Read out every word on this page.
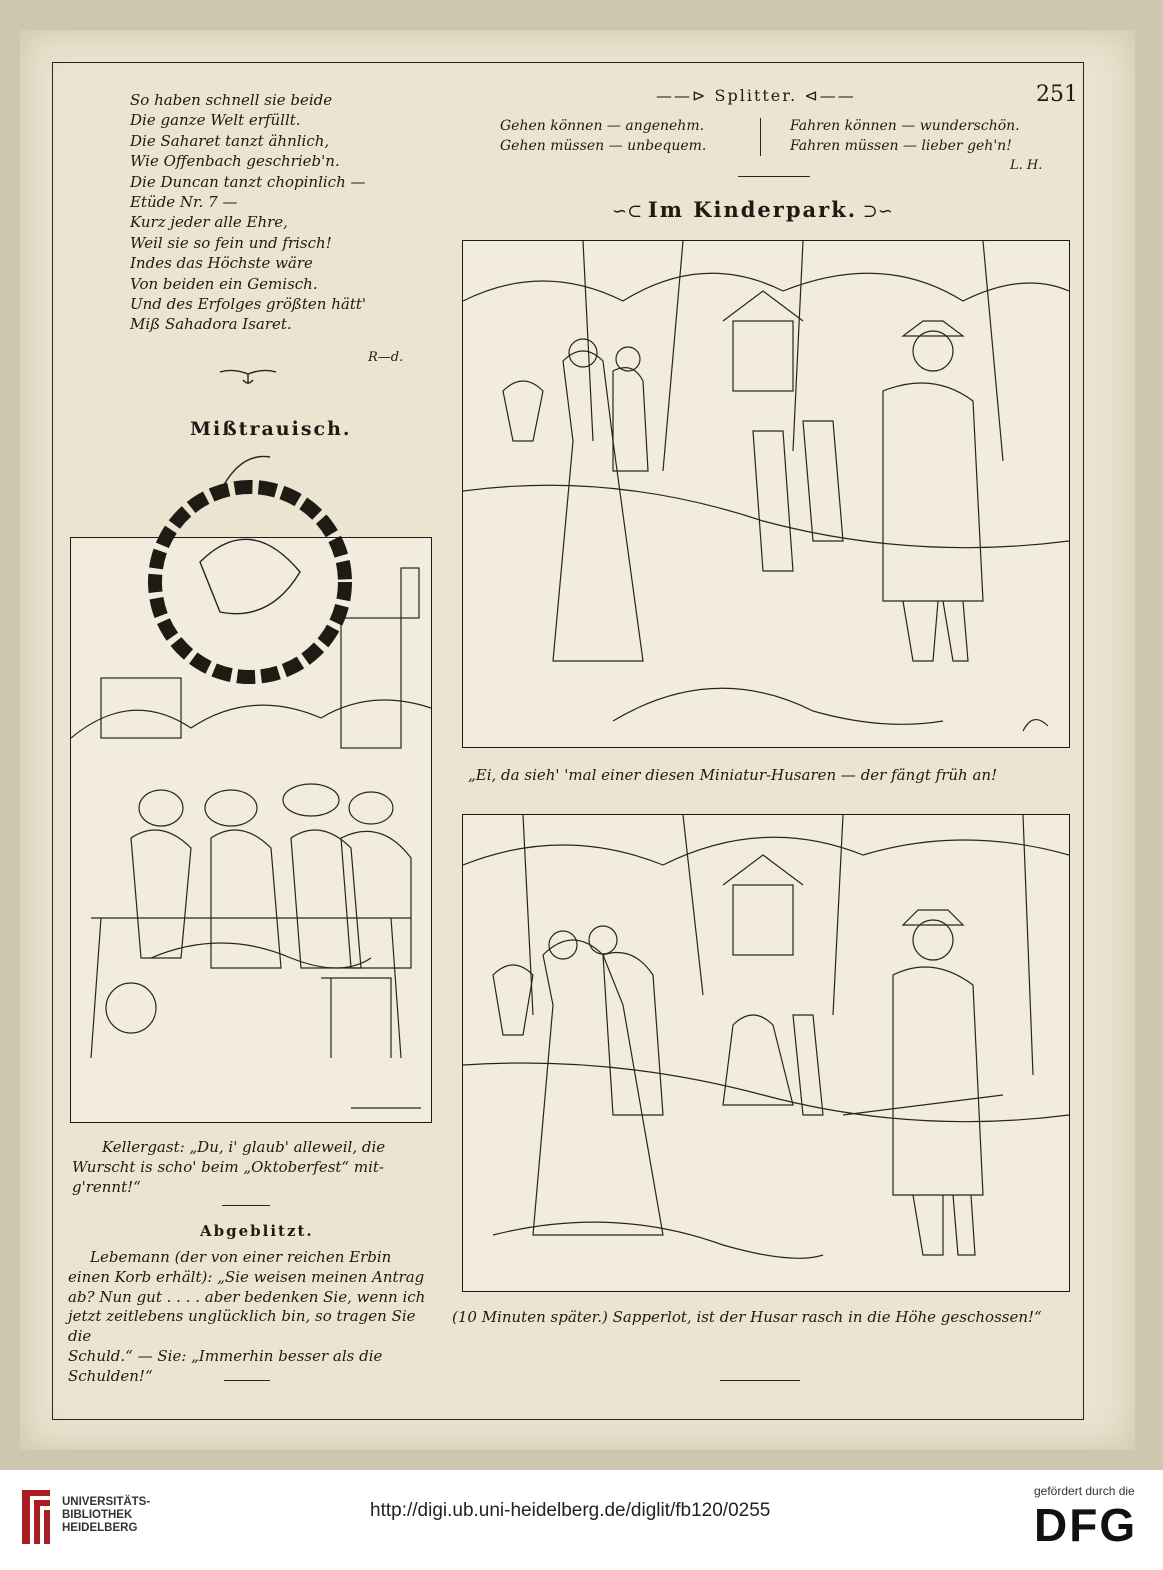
So haben schnell sie beide
Die ganze Welt erfüllt.
Die Saharet tanzt ähnlich,
Wie Offenbach geschrieb'n.
Die Duncan tanzt chopinlich —
Etüde Nr. 7 —
Kurz jeder alle Ehre,
Weil sie so fein und frisch!
Indes das Höchste wäre
Von beiden ein Gemisch.
Und des Erfolges größten hätt'
Miß Sahadora Isaret.
R—d.
Mißtrauisch.
Kellergast: „Du, i' glaub' alleweil, die
Wurscht is scho' beim „Oktoberfest“ mit-
g'rennt!“
Abgeblitzt.
Lebemann (der von einer reichen Erbin
einen Korb erhält): „Sie weisen meinen Antrag
ab? Nun gut . . . . aber bedenken Sie, wenn ich
jetzt zeitlebens unglücklich bin, so tragen Sie die
Schuld.“ — Sie: „Immerhin besser als die
Schulden!“
——⊳ Splitter. ⊲——	251
Gehen können — angenehm.
Gehen müssen — unbequem.
Fahren können — wunderschön.
Fahren müssen — lieber geh'n!
L. H.
∽⊂ Im Kinderpark. ⊃∽
„Ei, da sieh' 'mal einer diesen Miniatur-Husaren — der fängt früh an!
(10 Minuten später.) Sapperlot, ist der Husar rasch in die Höhe geschossen!“
UNIVERSITÄTS-
BIBLIOTHEK
HEIDELBERG
http://digi.ub.uni-heidelberg.de/diglit/fb120/0255
gefördert durch die
DFG
